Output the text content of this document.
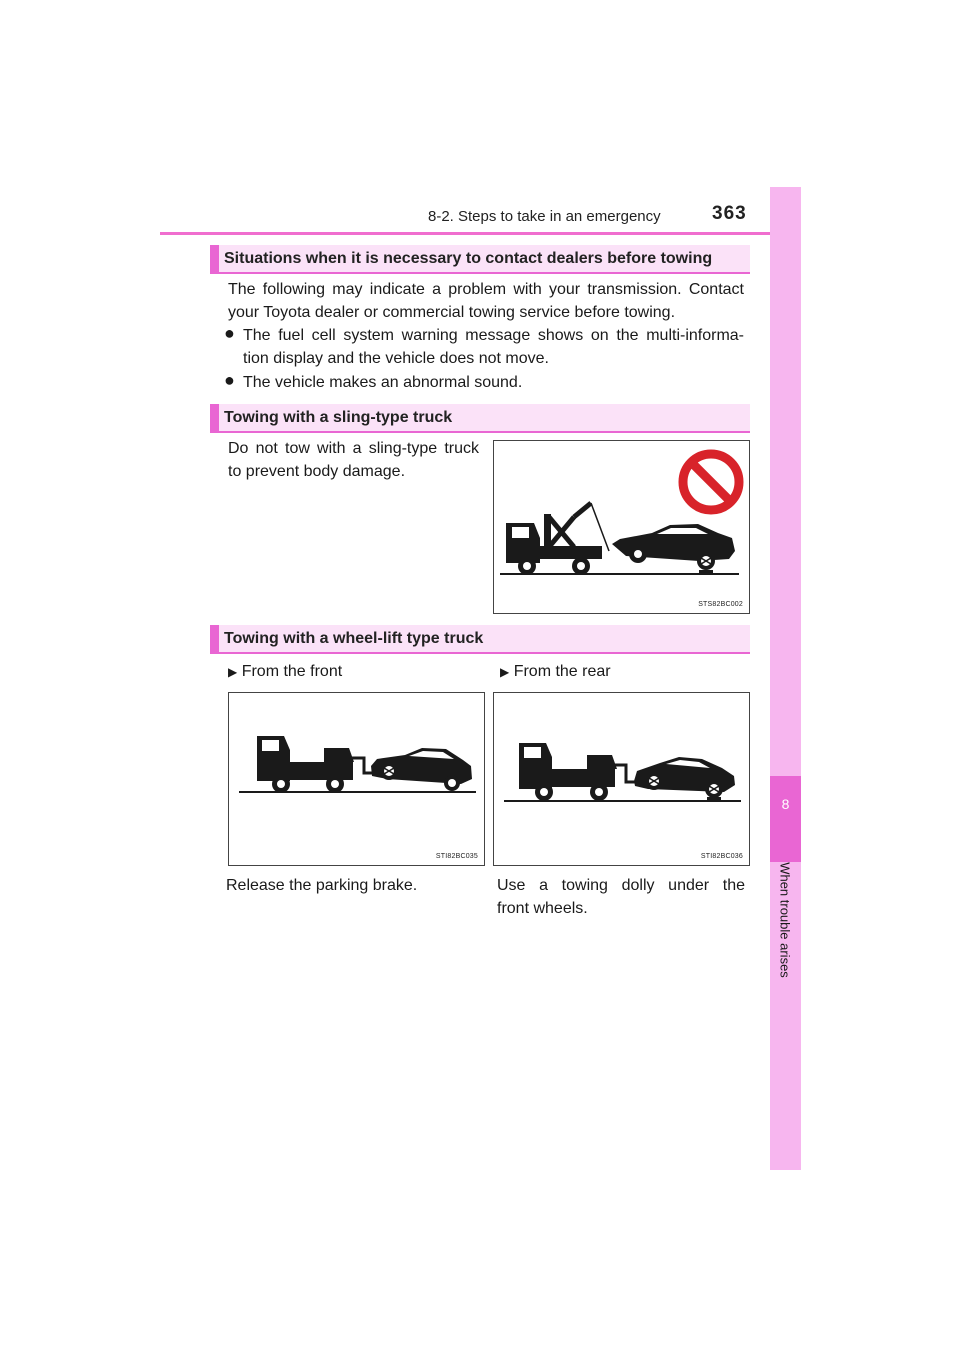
8-2. Steps to take in an emergency	363
8
When trouble arises
Situations when it is necessary to contact dealers before towing
The following may indicate a problem with your transmission. Contact
your Toyota dealer or commercial towing service before towing.
● The fuel cell system warning message shows on the multi-informa-
tion display and the vehicle does not move.
● The vehicle makes an abnormal sound.
Towing with a sling-type truck
Do not tow with a sling-type truck
to prevent body damage.
STS82BC002
Towing with a wheel-lift type truck
▶ From the front	▶ From the rear
STI82BC035	STI82BC036
Release the parking brake.	Use a towing dolly under the
front wheels.
